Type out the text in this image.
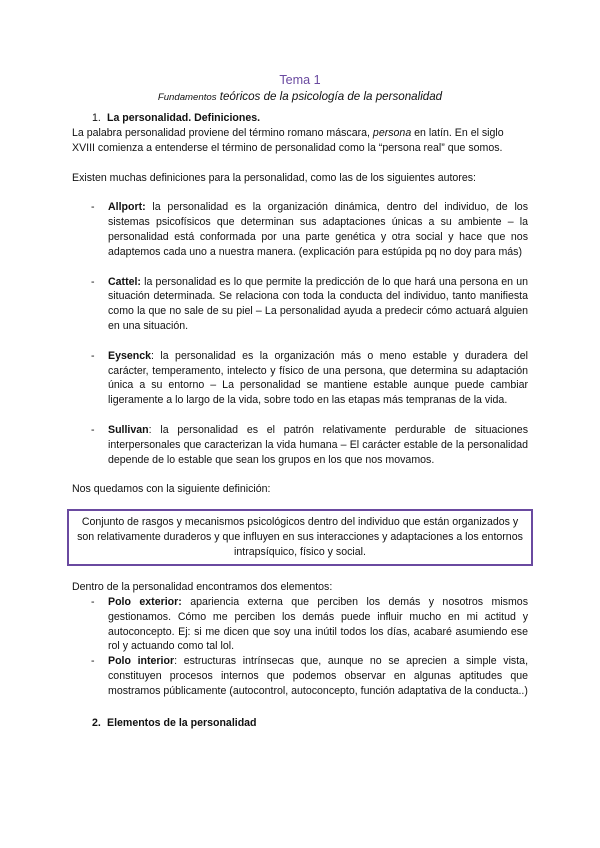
Tema 1
Fundamentos teóricos de la psicología de la personalidad
1. La personalidad. Definiciones.

La palabra personalidad proviene del término romano máscara, persona en latín. En el siglo XVIII comienza a entenderse el término de personalidad como la “persona real” que somos.

Existen muchas definiciones para la personalidad, como las de los siguientes autores:

- Allport: la personalidad es la organización dinámica, dentro del individuo, de los sistemas psicofísicos que determinan sus adaptaciones únicas a su ambiente – la personalidad está conformada por una parte genética y otra social y hace que nos adaptemos cada uno a nuestra manera. (explicación para estúpida pq no doy para más)
- Cattel: la personalidad es lo que permite la predicción de lo que hará una persona en un situación determinada. Se relaciona con toda la conducta del individuo, tanto manifiesta como la que no sale de su piel – La personalidad ayuda a predecir cómo actuará alguien en una situación.
- Eysenck: la personalidad es la organización más o meno estable y duradera del carácter, temperamento, intelecto y físico de una persona, que determina su adaptación única a su entorno – La personalidad se mantiene estable aunque puede cambiar ligeramente a lo largo de la vida, sobre todo en las etapas más tempranas de la vida.
- Sullivan: la personalidad es el patrón relativamente perdurable de situaciones interpersonales que caracterizan la vida humana – El carácter estable de la personalidad depende de lo estable que sean los grupos en los que nos movamos.

Nos quedamos con la siguiente definición:

Conjunto de rasgos y mecanismos psicológicos dentro del individuo que están organizados y son relativamente duraderos y que influyen en sus interacciones y adaptaciones a los entornos intrapsíquico, físico y social.

Dentro de la personalidad encontramos dos elementos:

- Polo exterior: apariencia externa que perciben los demás y nosotros mismos gestionamos. Cómo me perciben los demás puede influir mucho en mi actitud y autoconcepto. Ej: si me dicen que soy una inútil todos los días, acabaré asumiendo ese rol y actuando como tal lol.
- Polo interior: estructuras intrínsecas que, aunque no se aprecien a simple vista, constituyen procesos internos que podemos observar en algunas aptitudes que mostramos públicamente (autocontrol, autoconcepto, función adaptativa de la conducta..)
2. Elementos de la personalidad
